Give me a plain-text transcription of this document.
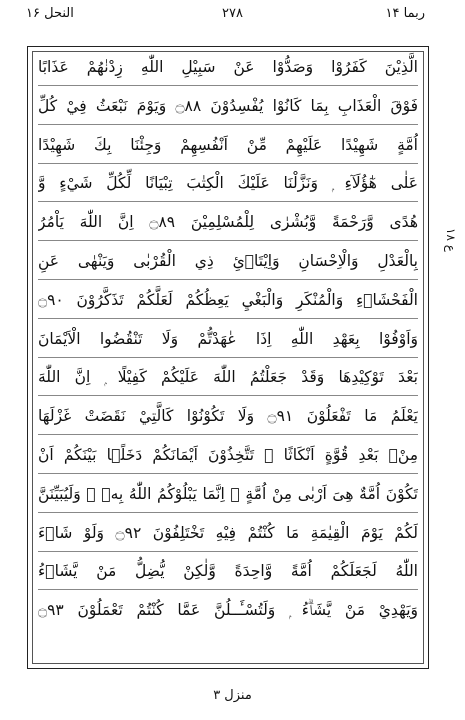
ربما ۱۴
۲۷۸
النحل ۱۶
الَّذِيْنَ كَفَرُوْا وَصَدُّوْا عَنْ سَبِيْلِ اللّٰهِ زِدْنٰهُمْ عَذَابًا
فَوْقَ الْعَذَابِ بِمَا كَانُوْا يُفْسِدُوْنَ ۝٨٨ وَيَوْمَ نَبْعَثُ فِيْ كُلِّ
اُمَّةٍ شَهِيْدًا عَلَيْهِمْ مِّنْ اَنْفُسِهِمْ وَجِئْنَا بِكَ شَهِيْدًا
عَلٰى هٰٓؤُلَآءِ ۭ وَنَزَّلْنَا عَلَيْكَ الْكِتٰبَ تِبْيَانًا لِّكُلِّ شَيْءٍ وَّ
هُدًى وَّرَحْمَةً وَّبُشْرٰى لِلْمُسْلِمِيْنَ ۝٨٩ اِنَّ اللّٰهَ يَاْمُرُ
بِالْعَدْلِ وَالْاِحْسَانِ وَاِيْتَاۗئِ ذِي الْقُرْبٰى وَيَنْهٰى عَنِ
الْفَحْشَاۗءِ وَالْمُنْكَرِ وَالْبَغْيِ يَعِظُكُمْ لَعَلَّكُمْ تَذَكَّرُوْنَ ۝٩٠
وَاَوْفُوْا بِعَهْدِ اللّٰهِ اِذَا عٰهَدْتُّمْ وَلَا تَنْقُضُوا الْاَيْمَانَ
بَعْدَ تَوْكِيْدِهَا وَقَدْ جَعَلْتُمُ اللّٰهَ عَلَيْكُمْ كَفِيْلًا ۭ اِنَّ اللّٰهَ
يَعْلَمُ مَا تَفْعَلُوْنَ ۝٩١ وَلَا تَكُوْنُوْا كَالَّتِيْ نَقَضَتْ غَزْلَهَا
مِنْۢ بَعْدِ قُوَّةٍ اَنْكَاثًا ۭ تَتَّخِذُوْنَ اَيْمَانَكُمْ دَخَلًۢا بَيْنَكُمْ اَنْ
تَكُوْنَ اُمَّةٌ هِىَ اَرْبٰى مِنْ اُمَّةٍ ۭ اِنَّمَا يَبْلُوْكُمُ اللّٰهُ بِهٖ ۭ وَلَيُبَيِّنَنَّ
لَكُمْ يَوْمَ الْقِيٰمَةِ مَا كُنْتُمْ فِيْهِ تَخْتَلِفُوْنَ ۝٩٢ وَلَوْ شَاۗءَ
اللّٰهُ لَجَعَلَكُمْ اُمَّةً وَّاحِدَةً وَّلٰكِنْ يُّضِلُّ مَنْ يَّشَاۗءُ
وَيَهْدِيْ مَنْ يَّشَاۗءُ ۭ وَلَتُسْـَٔــلُنَّ عَمَّا كُنْتُمْ تَعْمَلُوْنَ ۝٩٣
ع ۱۸
منزل ۳
